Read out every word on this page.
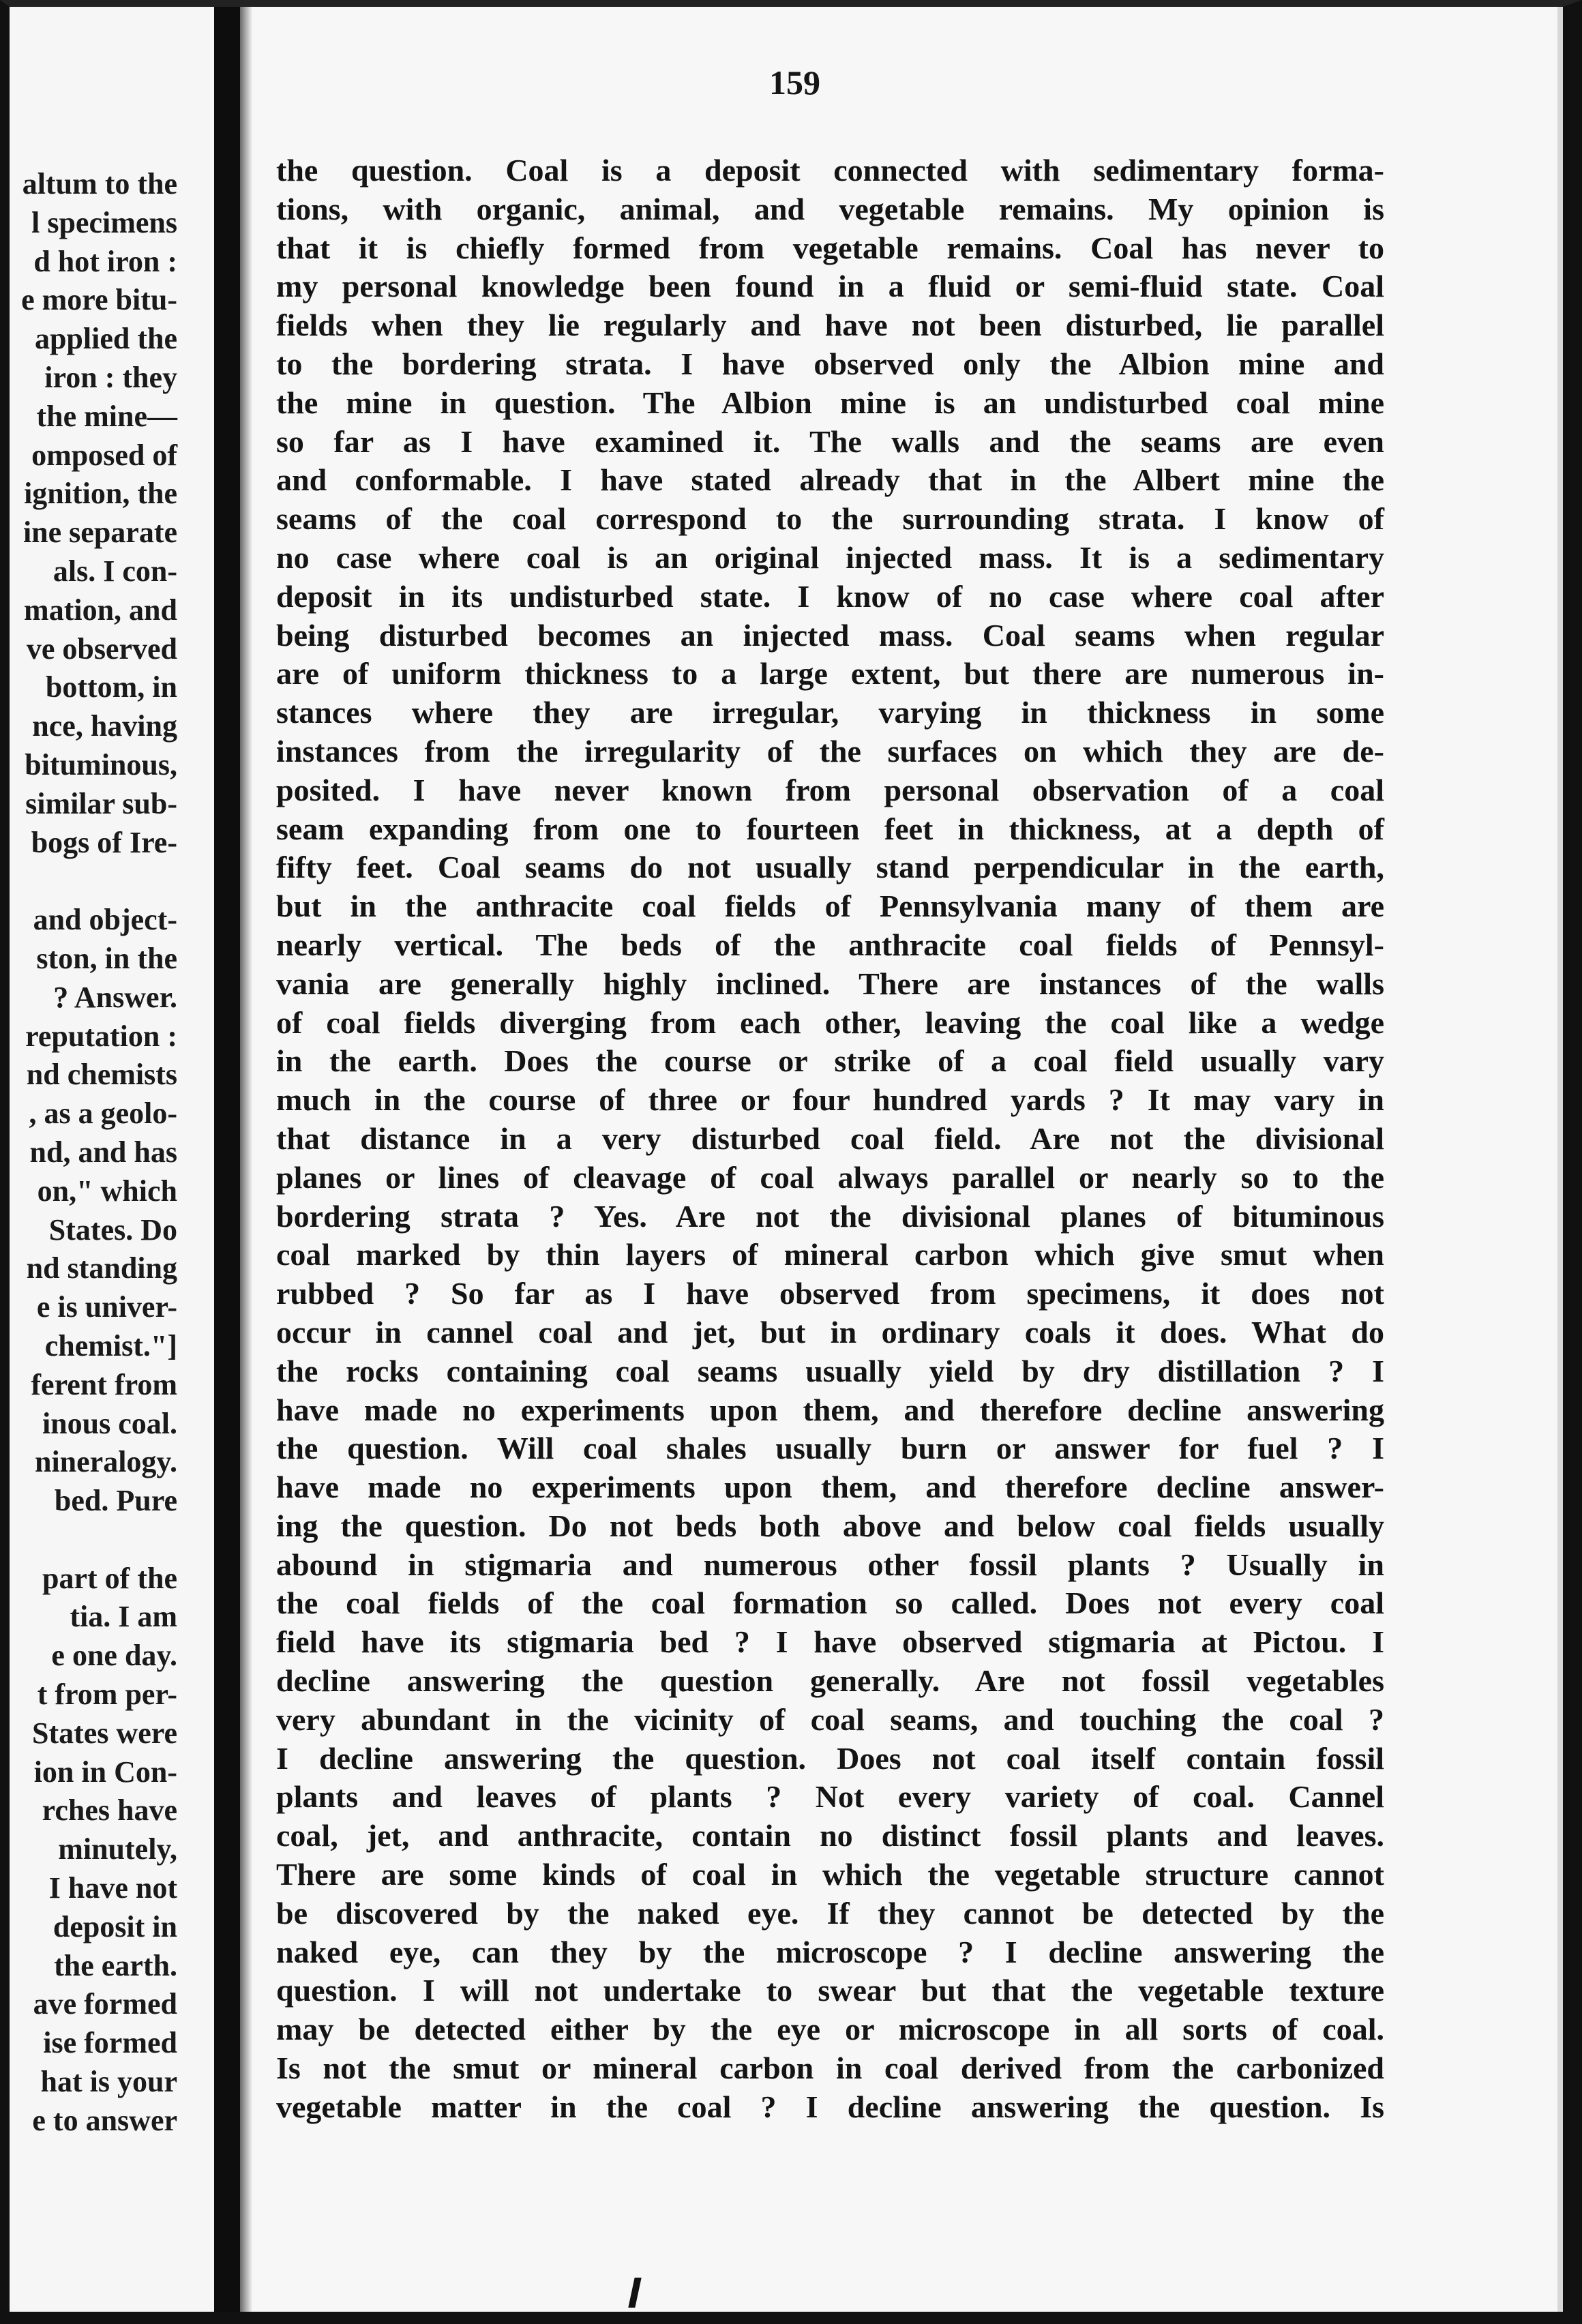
altum to the
l specimens
d hot iron :
e more bitu-
applied the
iron : they
the mine—
omposed of
ignition, the
ine separate
als. I con-
mation, and
ve observed
bottom, in
nce, having
bituminous,
similar sub-
bogs of Ire-
and object-
ston, in the
? Answer.
reputation :
nd chemists
, as a geolo-
nd, and has
on," which
States. Do
nd standing
e is univer-
chemist."]
ferent from
inous coal.
nineralogy.
bed. Pure
part of the
tia. I am
e one day.
t from per-
States were
ion in Con-
rches have
minutely,
I have not
deposit in
the earth.
ave formed
ise formed
hat is your
e to answer
159
the question. Coal is a deposit connected with sedimentary forma-
tions, with organic, animal, and vegetable remains. My opinion is
that it is chiefly formed from vegetable remains. Coal has never to
my personal knowledge been found in a fluid or semi-fluid state. Coal
fields when they lie regularly and have not been disturbed, lie parallel
to the bordering strata. I have observed only the Albion mine and
the mine in question. The Albion mine is an undisturbed coal mine
so far as I have examined it. The walls and the seams are even
and conformable. I have stated already that in the Albert mine the
seams of the coal correspond to the surrounding strata. I know of
no case where coal is an original injected mass. It is a sedimentary
deposit in its undisturbed state. I know of no case where coal after
being disturbed becomes an injected mass. Coal seams when regular
are of uniform thickness to a large extent, but there are numerous in-
stances where they are irregular, varying in thickness in some
instances from the irregularity of the surfaces on which they are de-
posited. I have never known from personal observation of a coal
seam expanding from one to fourteen feet in thickness, at a depth of
fifty feet. Coal seams do not usually stand perpendicular in the earth,
but in the anthracite coal fields of Pennsylvania many of them are
nearly vertical. The beds of the anthracite coal fields of Pennsyl-
vania are generally highly inclined. There are instances of the walls
of coal fields diverging from each other, leaving the coal like a wedge
in the earth. Does the course or strike of a coal field usually vary
much in the course of three or four hundred yards ? It may vary in
that distance in a very disturbed coal field. Are not the divisional
planes or lines of cleavage of coal always parallel or nearly so to the
bordering strata ? Yes. Are not the divisional planes of bituminous
coal marked by thin layers of mineral carbon which give smut when
rubbed ? So far as I have observed from specimens, it does not
occur in cannel coal and jet, but in ordinary coals it does. What do
the rocks containing coal seams usually yield by dry distillation ? I
have made no experiments upon them, and therefore decline answering
the question. Will coal shales usually burn or answer for fuel ? I
have made no experiments upon them, and therefore decline answer-
ing the question. Do not beds both above and below coal fields usually
abound in stigmaria and numerous other fossil plants ? Usually in
the coal fields of the coal formation so called. Does not every coal
field have its stigmaria bed ? I have observed stigmaria at Pictou. I
decline answering the question generally. Are not fossil vegetables
very abundant in the vicinity of coal seams, and touching the coal ?
I decline answering the question. Does not coal itself contain fossil
plants and leaves of plants ? Not every variety of coal. Cannel
coal, jet, and anthracite, contain no distinct fossil plants and leaves.
There are some kinds of coal in which the vegetable structure cannot
be discovered by the naked eye. If they cannot be detected by the
naked eye, can they by the microscope ? I decline answering the
question. I will not undertake to swear but that the vegetable texture
may be detected either by the eye or microscope in all sorts of coal.
Is not the smut or mineral carbon in coal derived from the carbonized
vegetable matter in the coal ? I decline answering the question. Is
